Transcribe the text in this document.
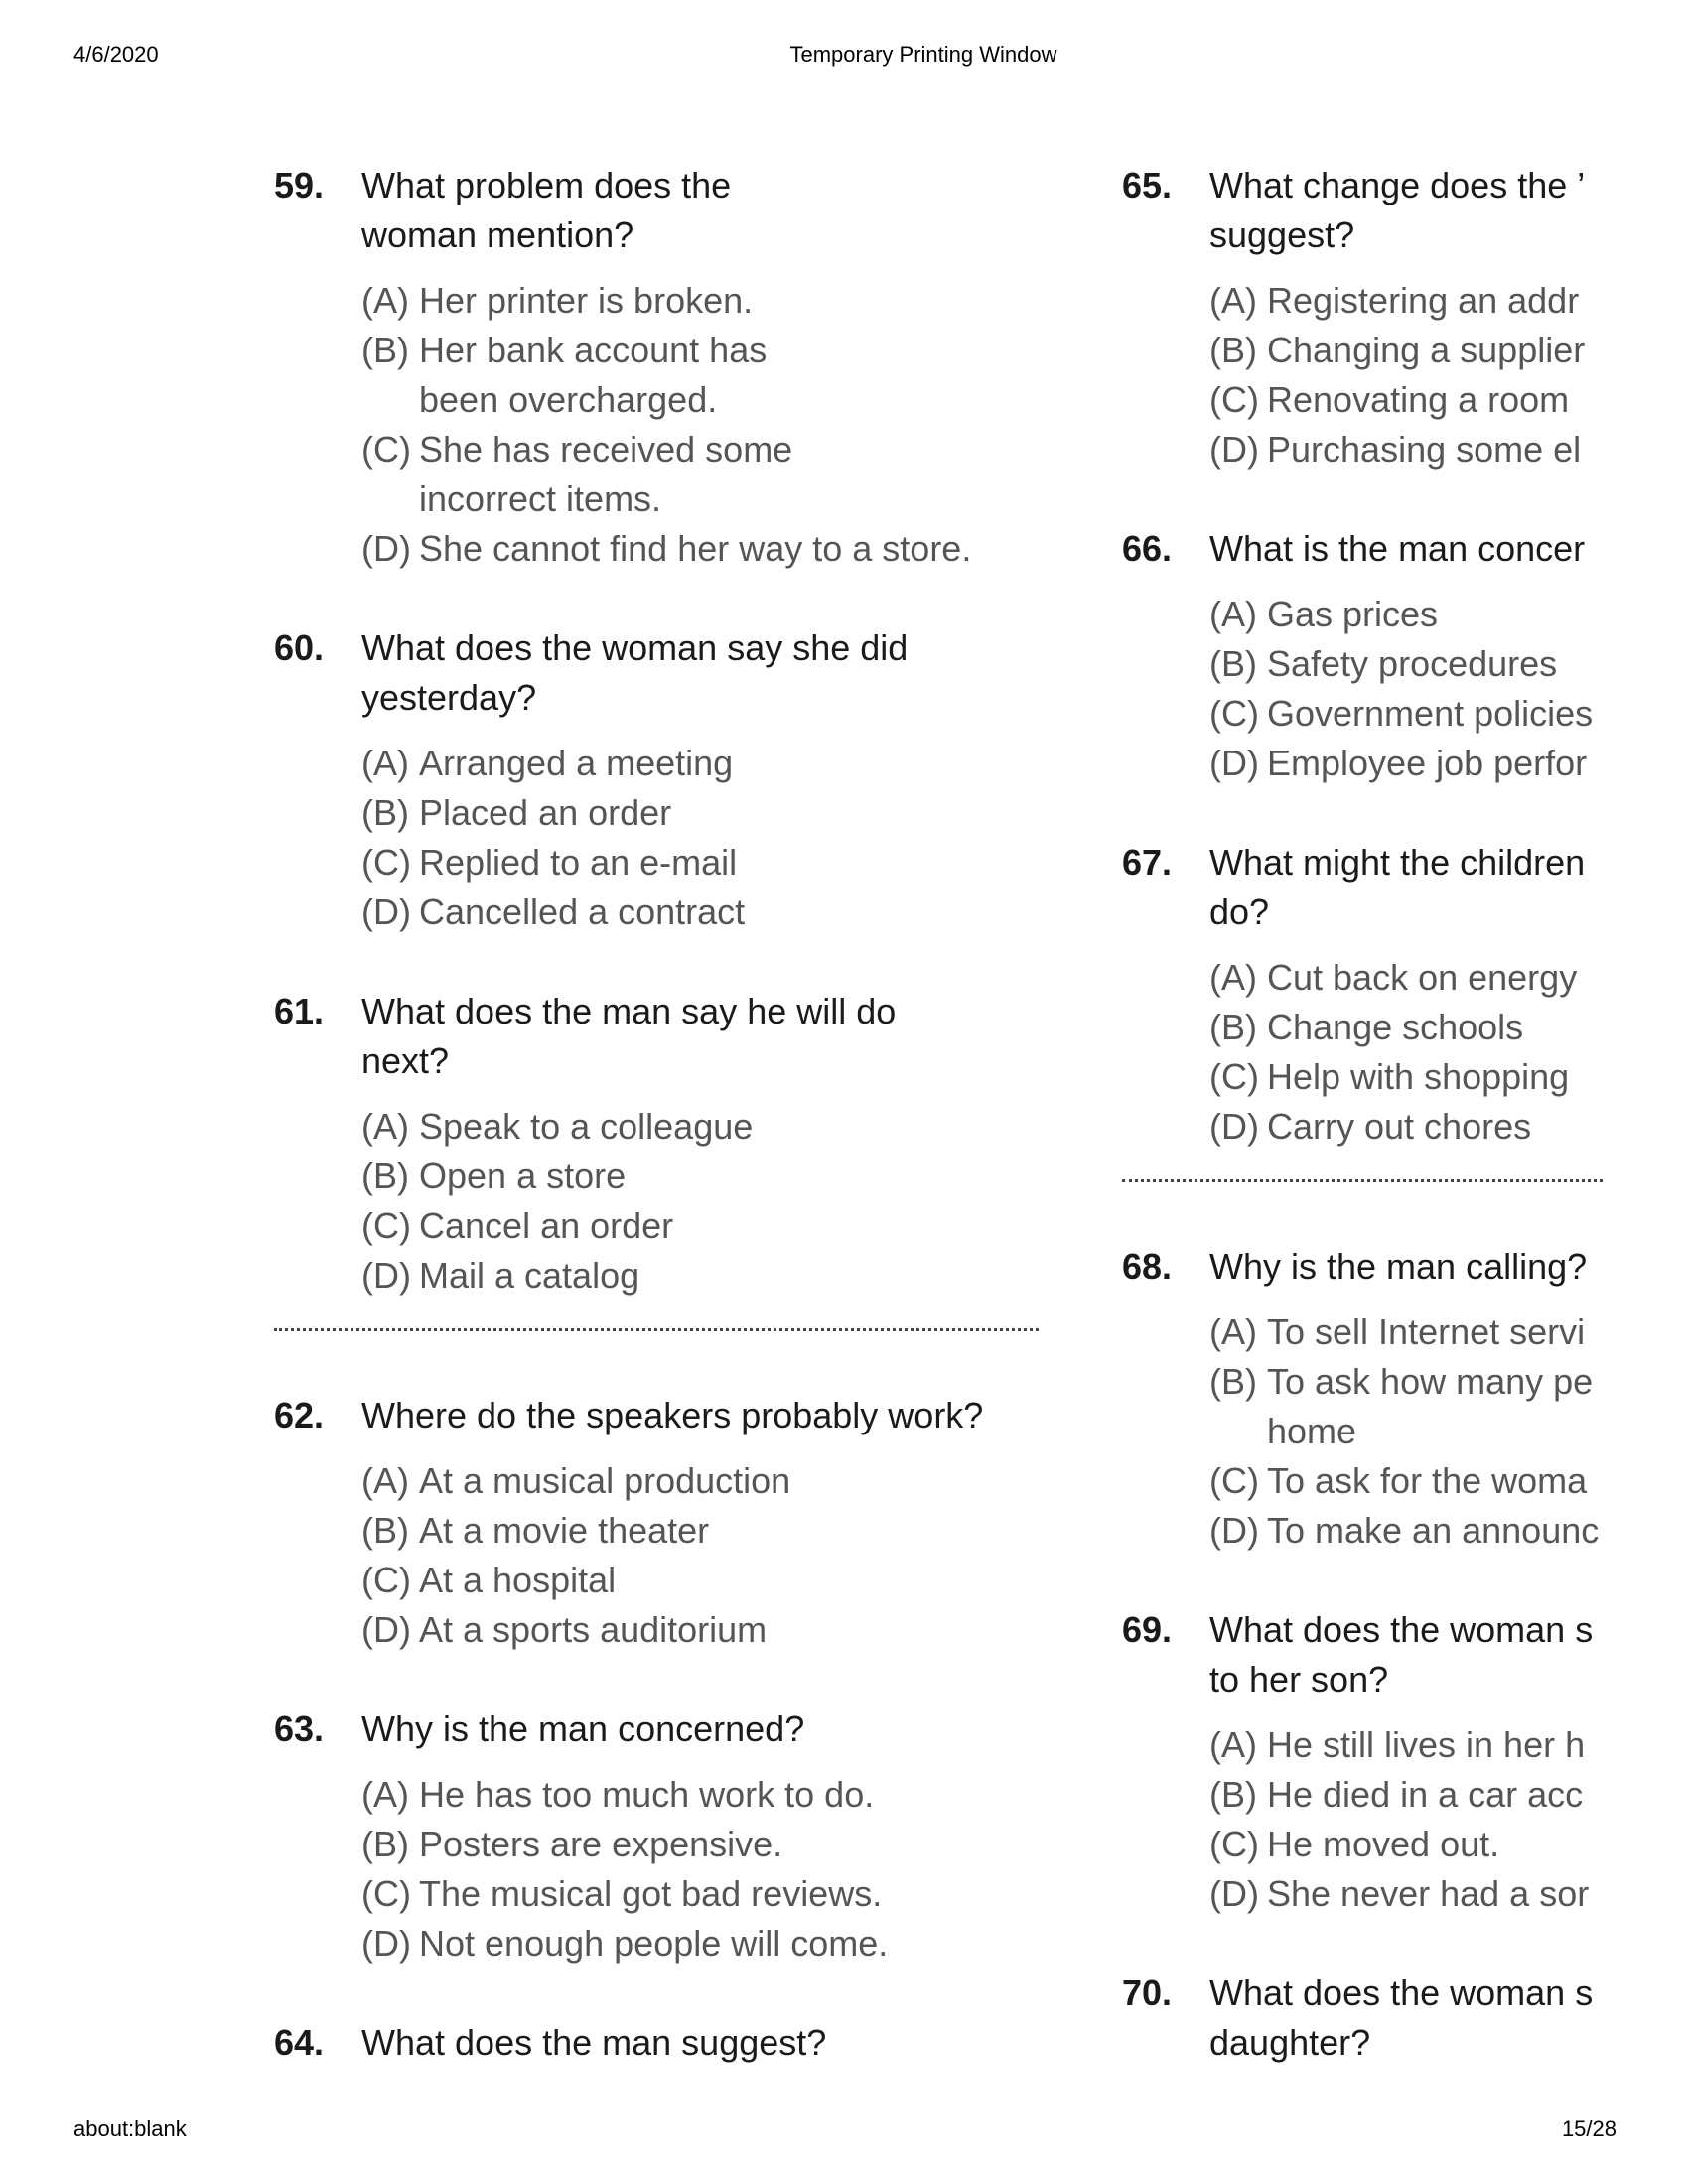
4/6/2020	Temporary Printing Window
59.	What problem does the woman mention?
(A) Her printer is broken.
(B) Her bank account has been overcharged.
(C) She has received some incorrect items.
(D) She cannot find her way to a store.
60.	What does the woman say she did yesterday?
(A) Arranged a meeting
(B) Placed an order
(C) Replied to an e-mail
(D) Cancelled a contract
61.	What does the man say he will do next?
(A) Speak to a colleague
(B) Open a store
(C) Cancel an order
(D) Mail a catalog
62.	Where do the speakers probably work?
(A) At a musical production
(B) At a movie theater
(C) At a hospital
(D) At a sports auditorium
63.	Why is the man concerned?
(A) He has too much work to do.
(B) Posters are expensive.
(C) The musical got bad reviews.
(D) Not enough people will come.
64.	What does the man suggest?
65.	What change does the ’
suggest?
(A) Registering an addr
(B) Changing a supplier
(C) Renovating a room
(D) Purchasing some el
66.	What is the man concer
(A) Gas prices
(B) Safety procedures
(C) Government policies
(D) Employee job perfor
67.	What might the children
do?
(A) Cut back on energy
(B) Change schools
(C) Help with shopping
(D) Carry out chores
68.	Why is the man calling?
(A) To sell Internet servi
(B) To ask how many pe
home
(C) To ask for the woma
(D) To make an announc
69.	What does the woman s
to her son?
(A) He still lives in her h
(B) He died in a car acc
(C) He moved out.
(D) She never had a sor
70.	What does the woman s
daughter?
about:blank	15/28
